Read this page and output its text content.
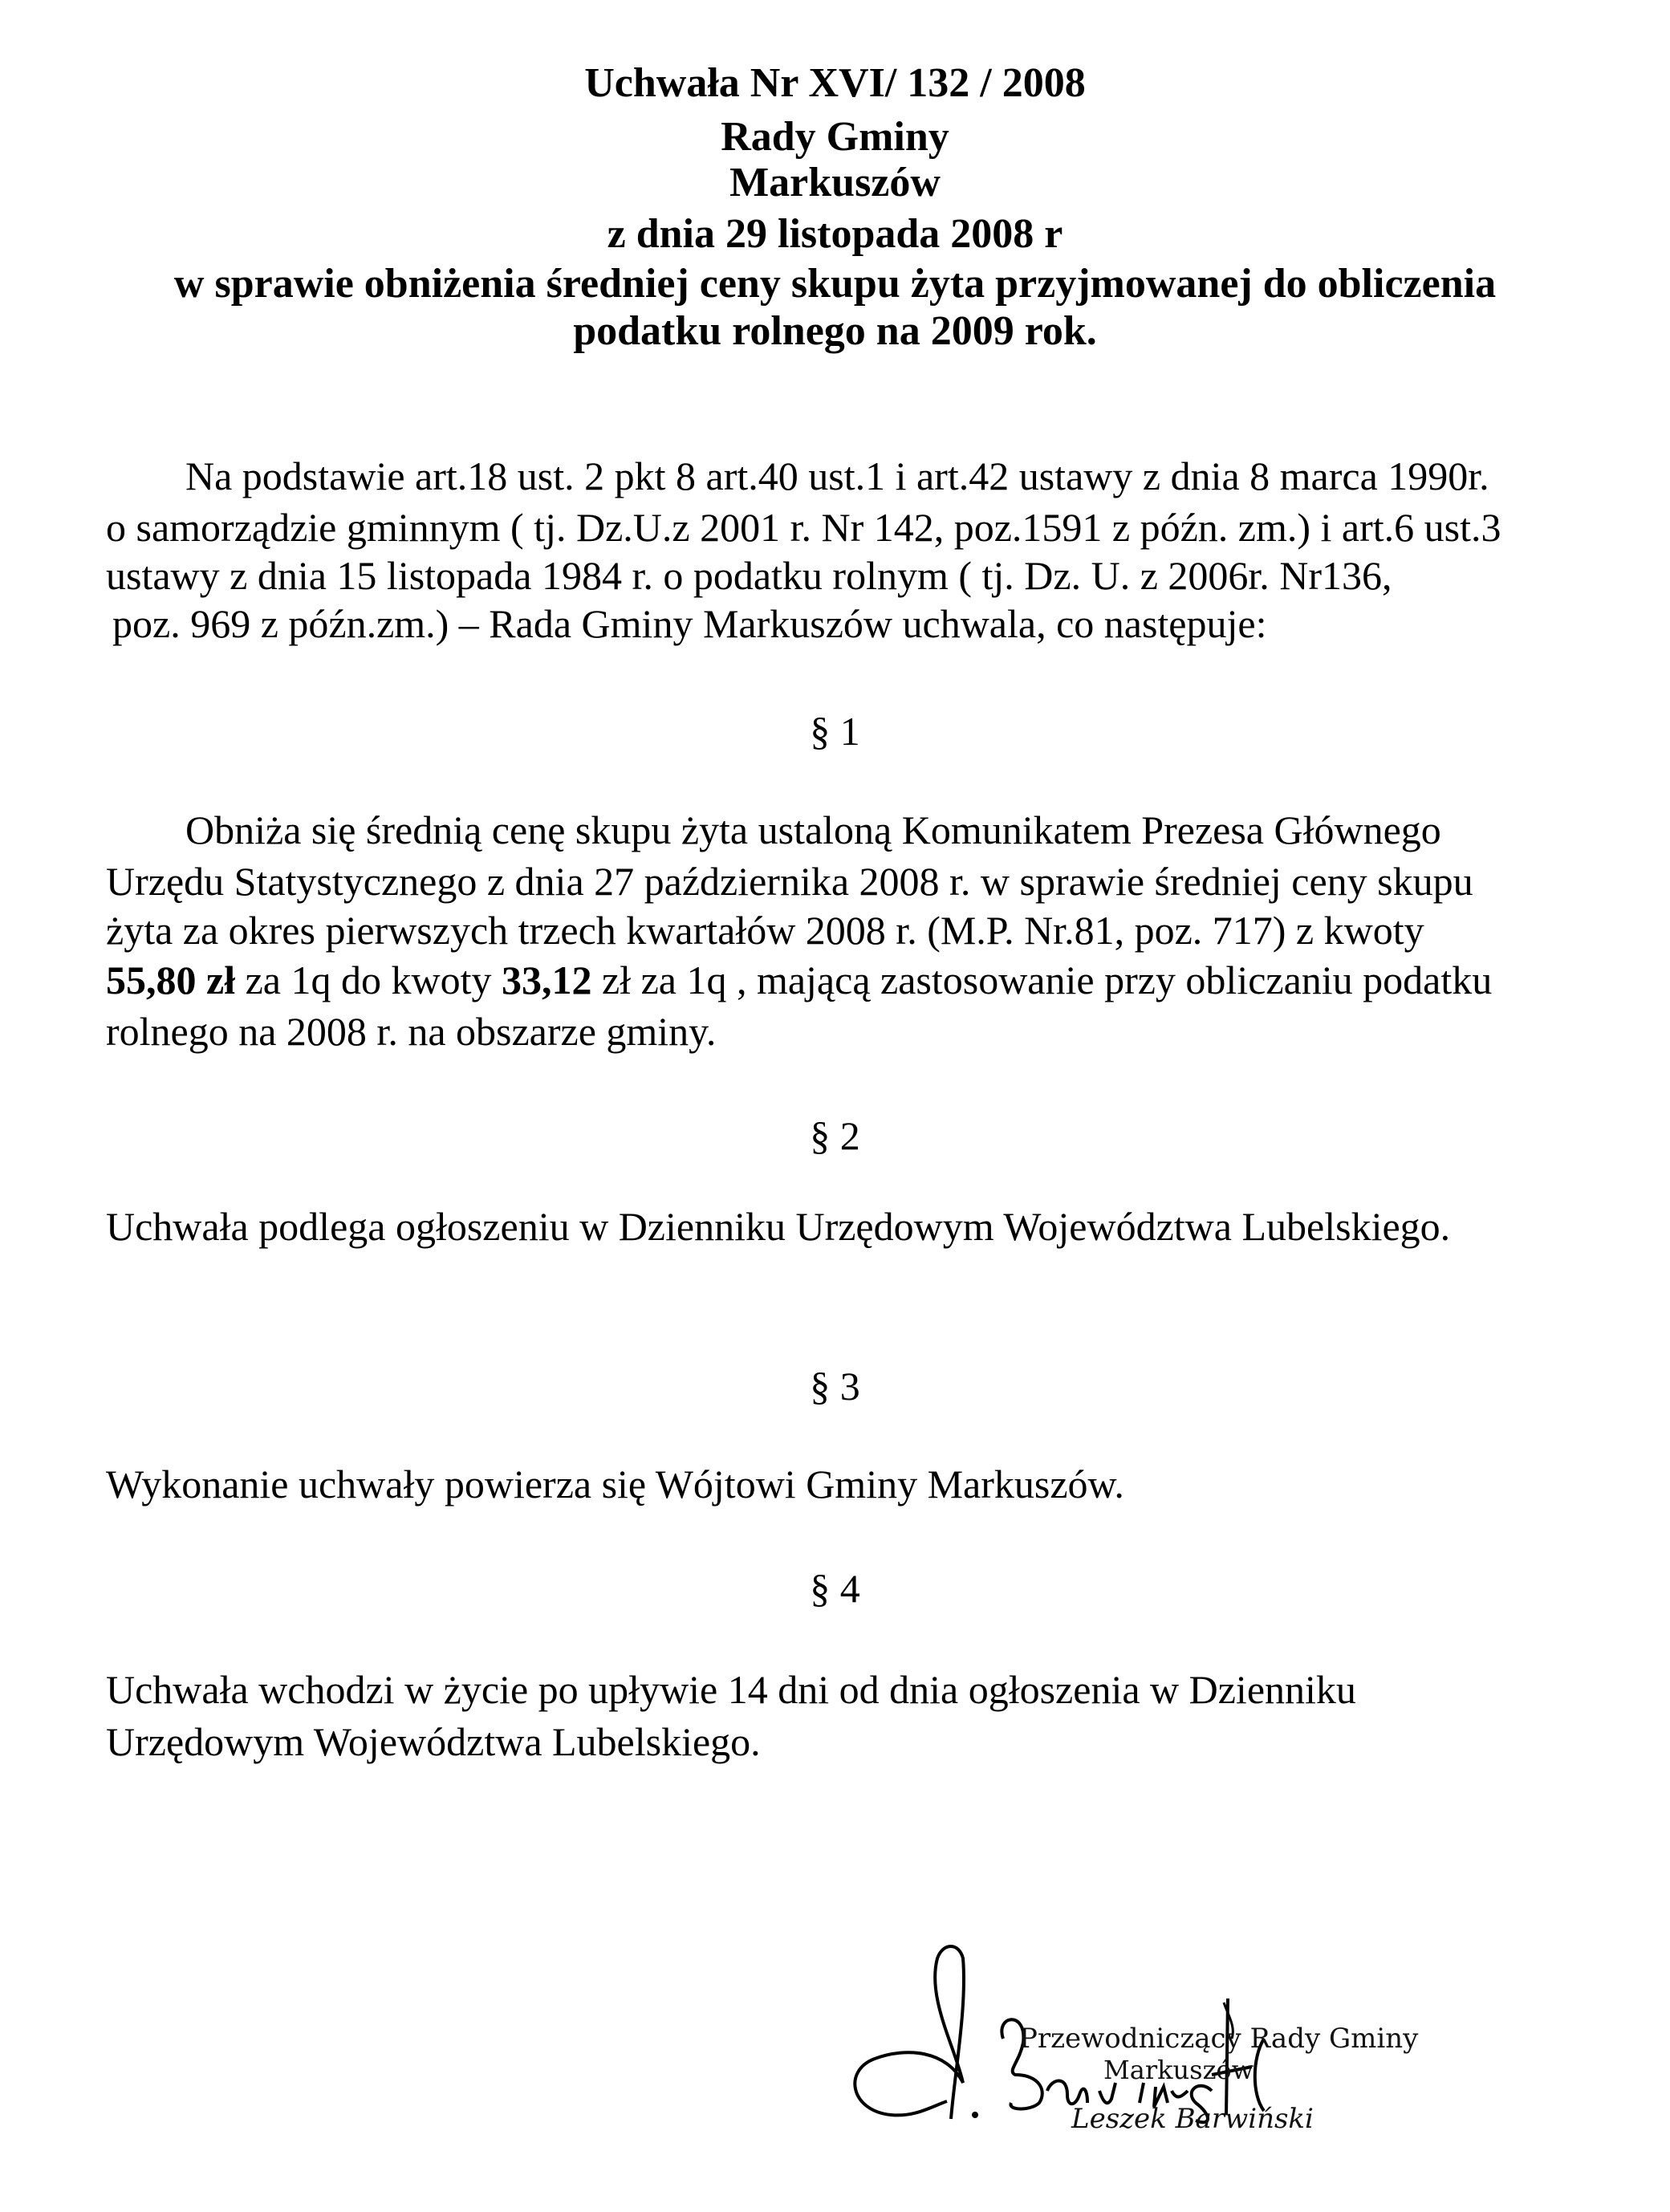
Uchwała Nr XVI/ 132 / 2008
Rady Gminy
Markuszów
z dnia 29 listopada 2008 r
w sprawie obniżenia średniej ceny skupu żyta przyjmowanej do obliczenia
podatku rolnego na 2009 rok.
Na podstawie art.18 ust. 2 pkt 8 art.40 ust.1 i art.42 ustawy z dnia 8 marca 1990r.
o samorządzie gminnym ( tj. Dz.U.z 2001 r. Nr 142, poz.1591 z późn. zm.) i art.6 ust.3
ustawy z dnia 15 listopada 1984 r. o podatku rolnym ( tj. Dz. U. z 2006r. Nr136,
poz. 969 z późn.zm.) – Rada Gminy Markuszów uchwala, co następuje:
§ 1
Obniża się średnią cenę skupu żyta ustaloną Komunikatem Prezesa Głównego
Urzędu Statystycznego z dnia 27 października 2008 r. w sprawie średniej ceny skupu
żyta za okres pierwszych trzech kwartałów 2008 r. (M.P. Nr.81, poz. 717) z kwoty
55,80 zł za 1q do kwoty 33,12 zł za 1q , mającą zastosowanie przy obliczaniu podatku
rolnego na 2008 r. na obszarze gminy.
§ 2
Uchwała podlega ogłoszeniu w Dzienniku Urzędowym Województwa Lubelskiego.
§ 3
Wykonanie uchwały powierza się Wójtowi Gminy Markuszów.
§ 4
Uchwała wchodzi w życie po upływie 14 dni od dnia ogłoszenia w Dzienniku
Urzędowym Województwa Lubelskiego.
Przewodniczący Rady Gminy
Markuszów
Leszek Barwiński
